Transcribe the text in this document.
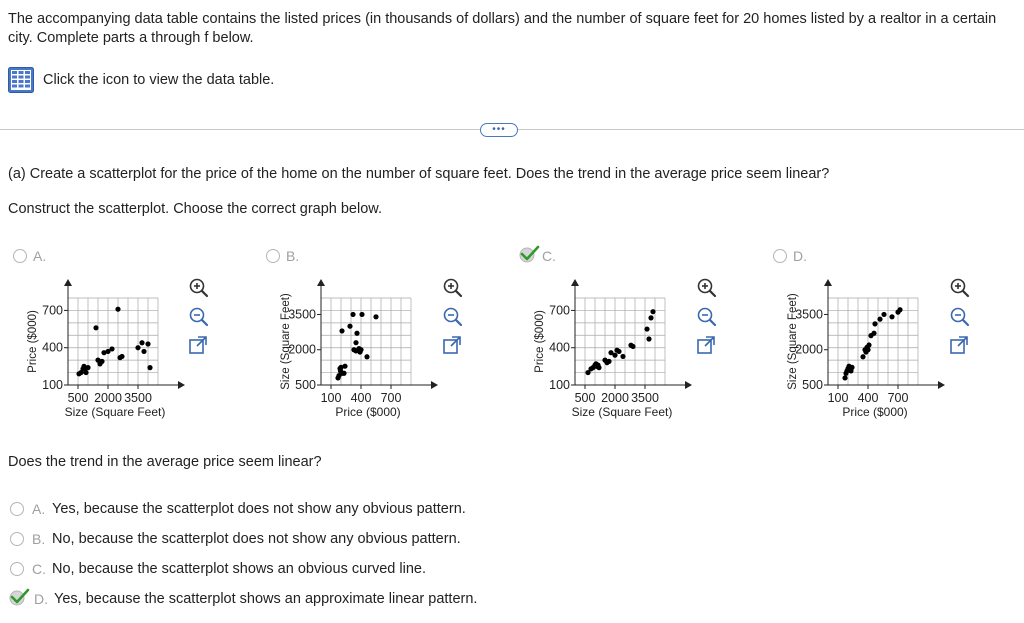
The accompanying data table contains the listed prices (in thousands of dollars) and the number of square feet for 20 homes listed by a realtor in a certain city. Complete parts a through f below.
Click the icon to view the data table.
•••
(a) Create a scatterplot for the price of the home on the number of square feet. Does the trend in the average price seem linear?
Construct the scatterplot. Choose the correct graph below.
A.	B.	C.	D.
500 2000 3500
100
400
700
Size (Square Feet)
Price ($000)
100 400 700
500
2000
3500
Price ($000)
Size (Square Feet)
500 2000 3500
100
400
700
Size (Square Feet)
Price ($000)
100 400 700
500
2000
3500
Price ($000)
Size (Square Feet)
Does the trend in the average price seem linear?
A. Yes, because the scatterplot does not show any obvious pattern.
B. No, because the scatterplot does not show any obvious pattern.
C. No, because the scatterplot shows an obvious curved line.
D. Yes, because the scatterplot shows an approximate linear pattern.
